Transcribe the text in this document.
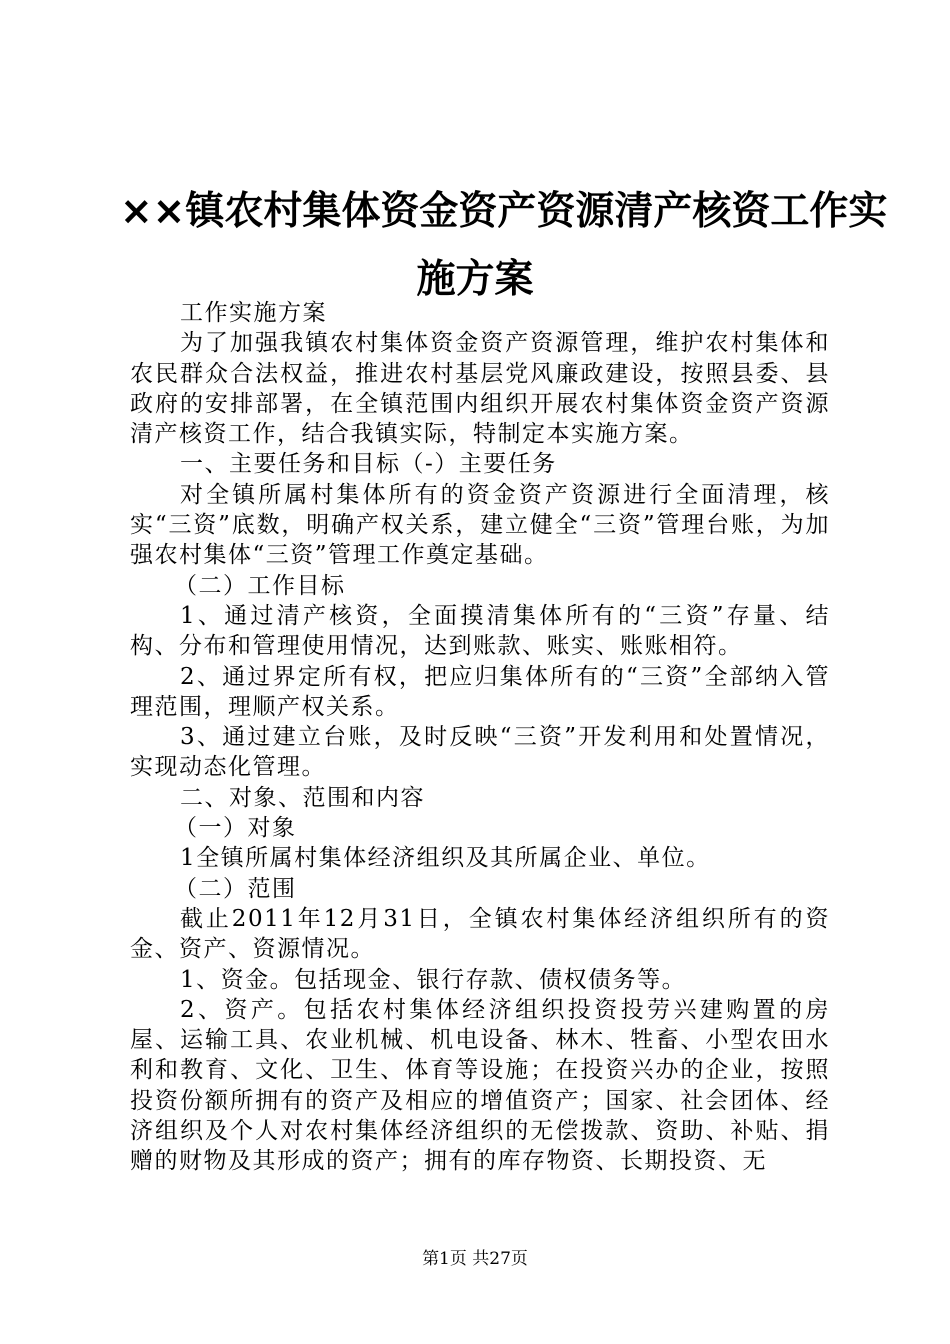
××镇农村集体资金资产资源清产核资工作实
施方案

工作实施方案

为了加强我镇农村集体资金资产资源管理，维护农村集体和农民群众合法权益，推进农村基层党风廉政建设，按照县委、县政府的安排部署，在全镇范围内组织开展农村集体资金资产资源清产核资工作，结合我镇实际，特制定本实施方案。

一、主要任务和目标（-）主要任务

对全镇所属村集体所有的资金资产资源进行全面清理，核实“三资”底数，明确产权关系，建立健全“三资”管理台账，为加强农村集体“三资”管理工作奠定基础。

（二）工作目标

1、通过清产核资，全面摸清集体所有的“三资”存量、结构、分布和管理使用情况，达到账款、账实、账账相符。

2、通过界定所有权，把应归集体所有的“三资”全部纳入管理范围，理顺产权关系。

3、通过建立台账，及时反映“三资”开发利用和处置情况，实现动态化管理。

二、对象、范围和内容

（一）对象

1全镇所属村集体经济组织及其所属企业、单位。

（二）范围

截止2011年12月31日，全镇农村集体经济组织所有的资金、资产、资源情况。

1、资金。包括现金、银行存款、债权债务等。

2、资产。包括农村集体经济组织投资投劳兴建购置的房屋、运输工具、农业机械、机电设备、林木、牲畜、小型农田水利和教育、文化、卫生、体育等设施；在投资兴办的企业，按照投资份额所拥有的资产及相应的增值资产；国家、社会团体、经济组织及个人对农村集体经济组织的无偿拨款、资助、补贴、捐赠的财物及其形成的资产；拥有的库存物资、长期投资、无

第1页 共27页
